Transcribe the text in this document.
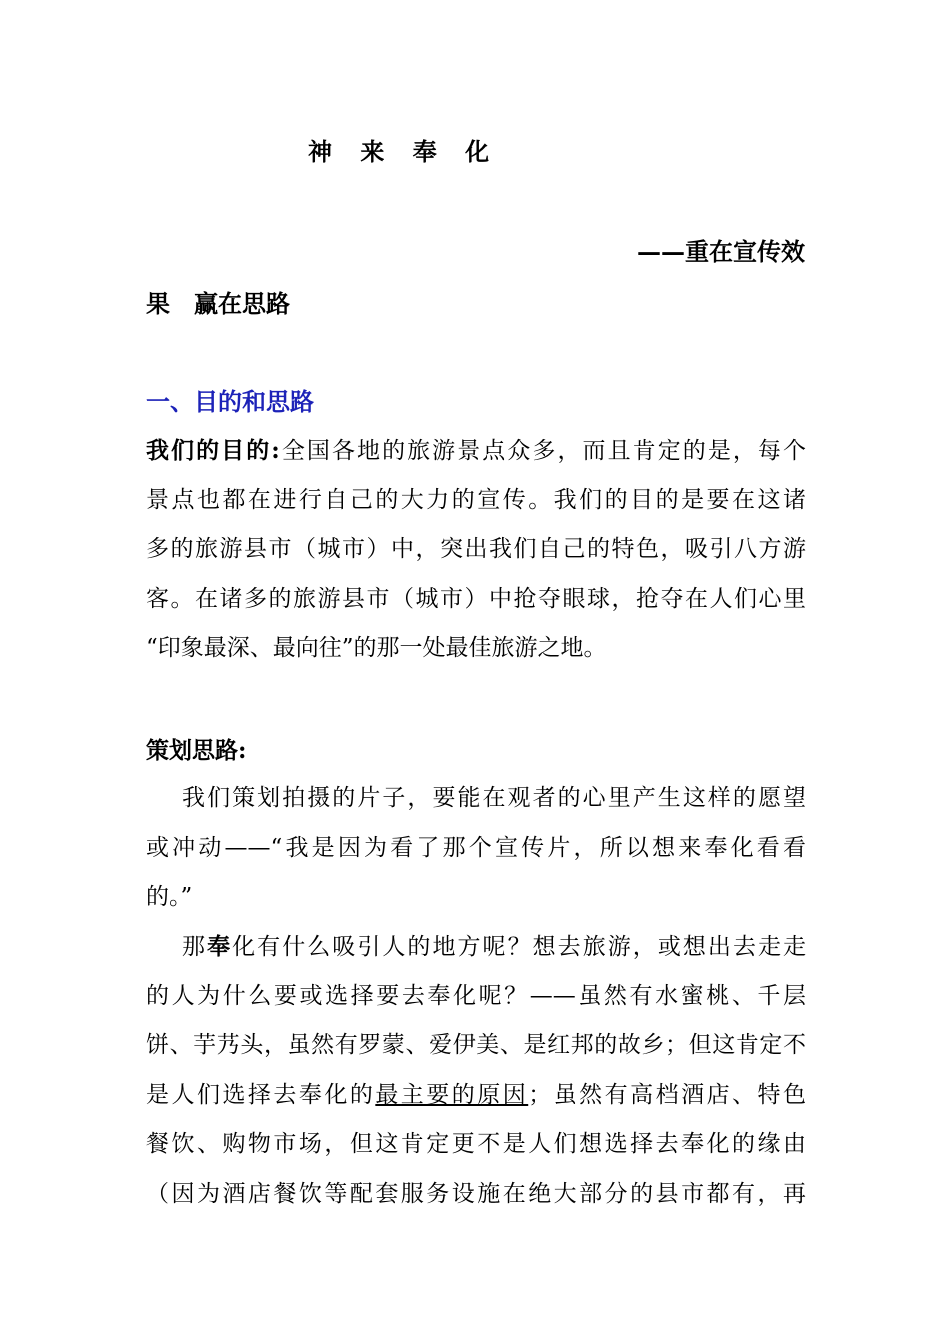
神 来 奉 化

——重在宣传效

果 赢在思路

一、目的和思路
我们的目的:全国各地的旅游景点众多，而且肯定的是，每个
景点也都在进行自己的大力的宣传。我们的目的是要在这诸
多的旅游县市（城市）中，突出我们自己的特色，吸引八方游
客。在诸多的旅游县市（城市）中抢夺眼球，抢夺在人们心里
“印象最深、最向往”的那一处最佳旅游之地。

策划思路:

我们策划拍摄的片子，要能在观者的心里产生这样的愿望
或冲动——“我是因为看了那个宣传片，所以想来奉化看看
的。”
那奉化有什么吸引人的地方呢？想去旅游，或想出去走走
的人为什么要或选择要去奉化呢？——虽然有水蜜桃、千层
饼、芋艿头，虽然有罗蒙、爱伊美、是红邦的故乡；但这肯定不
是人们选择去奉化的最主要的原因；虽然有高档酒店、特色
餐饮、购物市场，但这肯定更不是人们想选择去奉化的缘由
（因为酒店餐饮等配套服务设施在绝大部分的县市都有，再
